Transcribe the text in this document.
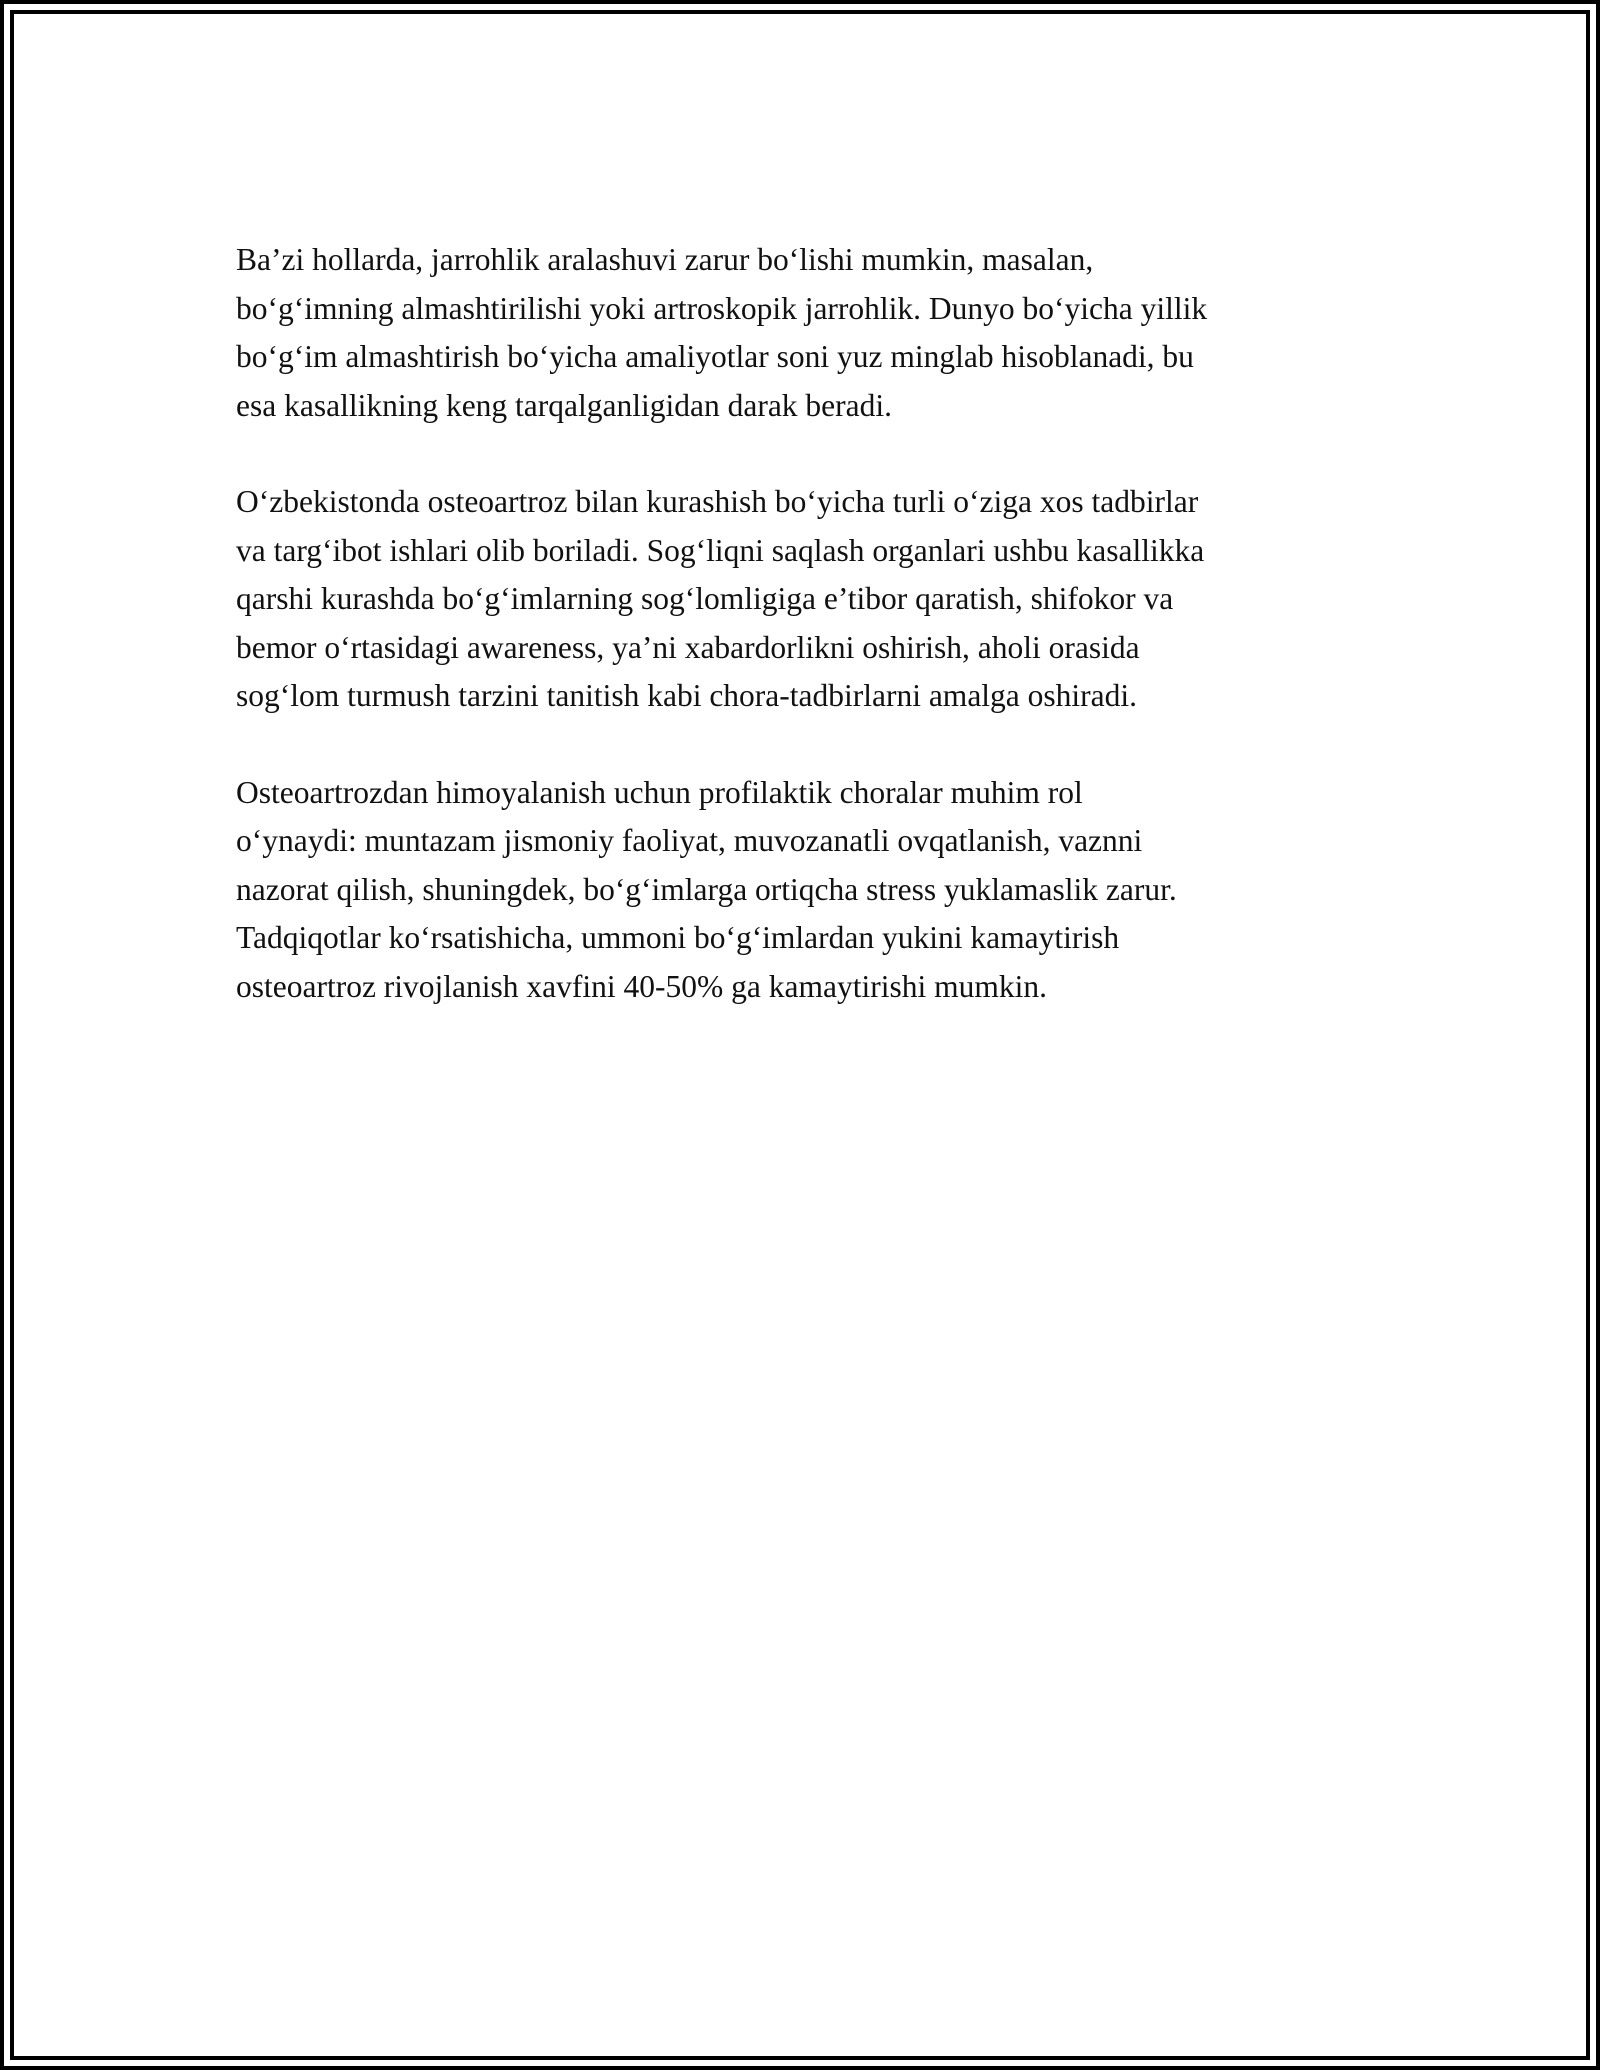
Ba’zi hollarda, jarrohlik aralashuvi zarur bo‘lishi mumkin, masalan,
bo‘g‘imning almashtirilishi yoki artroskopik jarrohlik. Dunyo bo‘yicha yillik
bo‘g‘im almashtirish bo‘yicha amaliyotlar soni yuz minglab hisoblanadi, bu
esa kasallikning keng tarqalganligidan darak beradi.

O‘zbekistonda osteoartroz bilan kurashish bo‘yicha turli o‘ziga xos tadbirlar
va targ‘ibot ishlari olib boriladi. Sog‘liqni saqlash organlari ushbu kasallikka
qarshi kurashda bo‘g‘imlarning sog‘lomligiga e’tibor qaratish, shifokor va
bemor o‘rtasidagi awareness, ya’ni xabardorlikni oshirish, aholi orasida
sog‘lom turmush tarzini tanitish kabi chora-tadbirlarni amalga oshiradi.

Osteoartrozdan himoyalanish uchun profilaktik choralar muhim rol
o‘ynaydi: muntazam jismoniy faoliyat, muvozanatli ovqatlanish, vaznni
nazorat qilish, shuningdek, bo‘g‘imlarga ortiqcha stress yuklamaslik zarur.
Tadqiqotlar ko‘rsatishicha, ummoni bo‘g‘imlardan yukini kamaytirish
osteoartroz rivojlanish xavfini 40-50% ga kamaytirishi mumkin.
